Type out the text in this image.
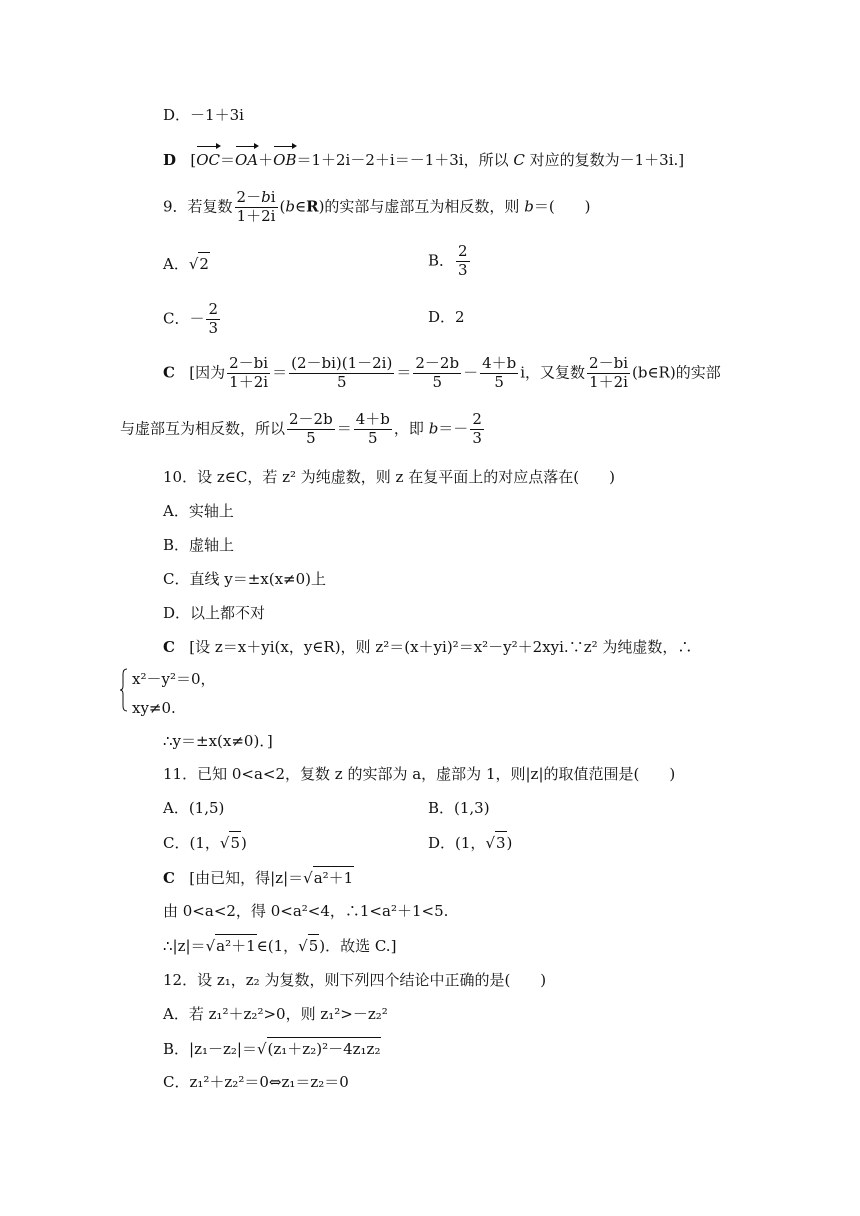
D．－1＋3i
D [OC＝OA＋OB＝1＋2i－2＋i＝－1＋3i，所以 C 对应的复数为－1＋3i.]
9．若复数 $\frac{2-bi}{1+2i}$ (b∈R)的实部与虚部互为相反数，则 b＝(　　)
A．√2	B． $\frac{2}{3}$
C．－ $\frac{2}{3}$	D．2
C [因为 $\frac{2-bi}{1+2i} = \frac{(2-bi)(1-2i)}{5} = \frac{2-2b}{5} - \frac{4+b}{5}$ i，又复数 $\frac{2-bi}{1+2i}$ (b∈R)的实部
与虚部互为相反数，所以 $\frac{2-2b}{5} = \frac{4+b}{5}$ ，即 $b=- \frac{2}{3}$
10．设 z∈C，若 z² 为纯虚数，则 z 在复平面上的对应点落在(　　)
A．实轴上
B．虚轴上
C．直线 y＝±x(x≠0)上
D．以上都不对
C [设 z＝x＋yi(x，y∈R)，则 z²＝(x＋yi)²＝x²－y²＋2xyi.∵z² 为纯虚数，∴
x²－y²＝0，
xy≠0.
∴y＝±x(x≠0)．]
11．已知 0<a<2，复数 z 的实部为 a，虚部为 1，则|z|的取值范围是(　　)
A．(1,5)	B．(1,3)
C．(1，√5)	D．(1，√3)
C [由已知，得|z|＝√a²＋1
由 0<a<2，得 0<a²<4，∴1<a²＋1<5.
∴|z|＝√a²＋1∈(1，√5)．故选 C.]
12．设 z₁，z₂ 为复数，则下列四个结论中正确的是(　　)
A．若 z₁²＋z₂²>0，则 z₁²>－z₂²
B．|z₁－z₂|＝√(z₁＋z₂)²－4z₁z₂
C．z₁²＋z₂²＝0⇔z₁＝z₂＝0
